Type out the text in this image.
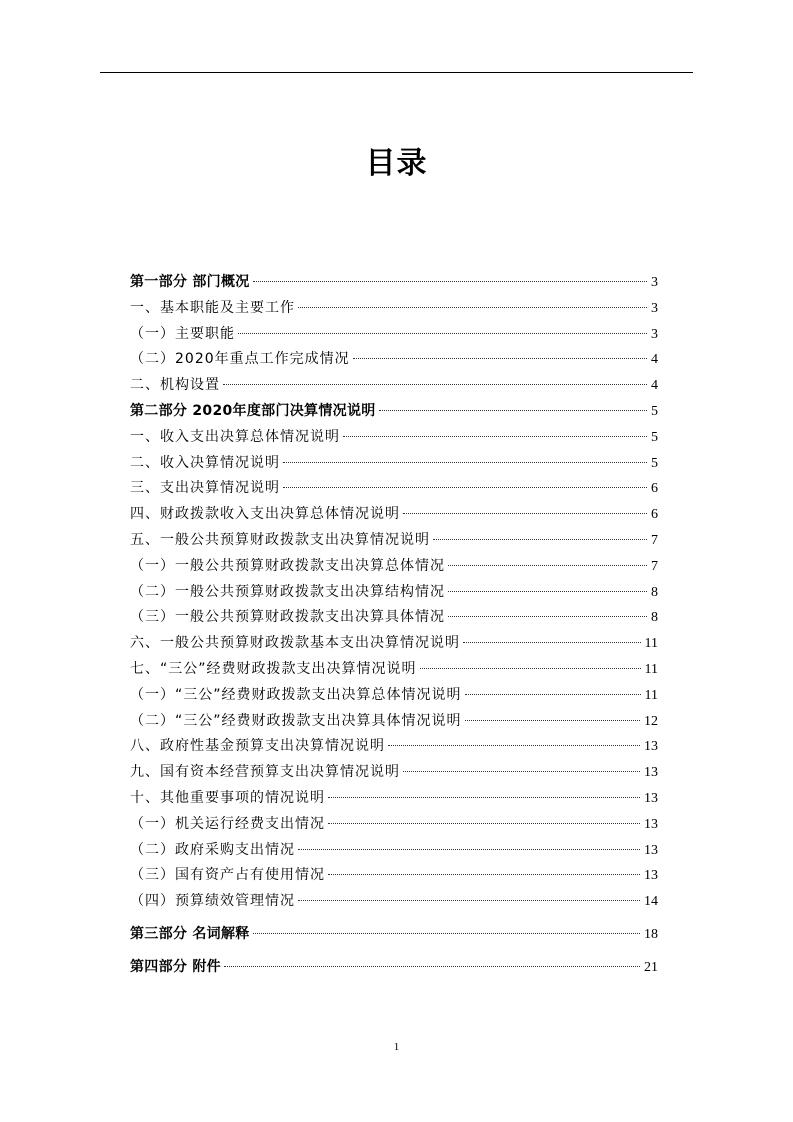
目录
第一部分 部门概况	3
一、基本职能及主要工作	3
（一）主要职能	3
（二）2020年重点工作完成情况	4
二、机构设置	4
第二部分 2020年度部门决算情况说明	5
一、收入支出决算总体情况说明	5
二、收入决算情况说明	5
三、支出决算情况说明	6
四、财政拨款收入支出决算总体情况说明	6
五、一般公共预算财政拨款支出决算情况说明	7
（一）一般公共预算财政拨款支出决算总体情况	7
（二）一般公共预算财政拨款支出决算结构情况	8
（三）一般公共预算财政拨款支出决算具体情况	8
六、一般公共预算财政拨款基本支出决算情况说明	11
七、“三公”经费财政拨款支出决算情况说明	11
（一）“三公”经费财政拨款支出决算总体情况说明	11
（二）“三公”经费财政拨款支出决算具体情况说明	12
八、政府性基金预算支出决算情况说明	13
九、国有资本经营预算支出决算情况说明	13
十、其他重要事项的情况说明	13
（一）机关运行经费支出情况	13
（二）政府采购支出情况	13
（三）国有资产占有使用情况	13
（四）预算绩效管理情况	14
第三部分 名词解释	18
第四部分 附件	21
1
